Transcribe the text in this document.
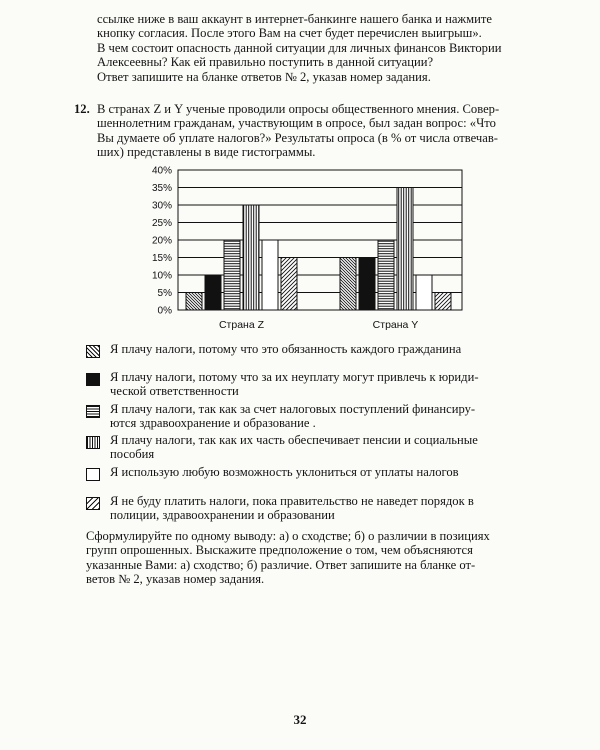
ссылке ниже в ваш аккаунт в интернет-банкинге нашего банка и нажмите

кнопку согласия. После этого Вам на счет будет перечислен выигрыш».

В чем состоит опасность данной ситуации для личных финансов Виктории

Алексеевны? Как ей правильно поступить в данной ситуации?

Ответ запишите на бланке ответов № 2, указав номер задания.

12. В странах Z и Y ученые проводили опросы общественного мнения. Совер-

шеннолетним гражданам, участвующим в опросе, был задан вопрос: «Что

Вы думаете об уплате налогов?» Результаты опроса (в % от числа отвечав-

ших) представлены в виде гистограммы.

0%
5%
10%
15%
20%
25%
30%
35%
40%
Страна Z	Страна Y
Я плачу налоги, потому что это обязанность каждого гражданина
Я плачу налоги, потому что за их неуплату могут привлечь к юриди-
ческой ответственности
Я плачу налоги, так как за счет налоговых поступлений финансиру-
ются здравоохранение и образование .
Я плачу налоги, так как их часть обеспечивает пенсии и социальные
пособия
Я использую любую возможность уклониться от уплаты налогов
Я не буду платить налоги, пока правительство не наведет порядок в
полиции, здравоохранении и образовании

Сформулируйте по одному выводу: а) о сходстве; б) о различии в позициях

групп опрошенных. Выскажите предположение о том, чем объясняются

указанные Вами: а) сходство; б) различие. Ответ запишите на бланке от-

ветов № 2, указав номер задания.

32
